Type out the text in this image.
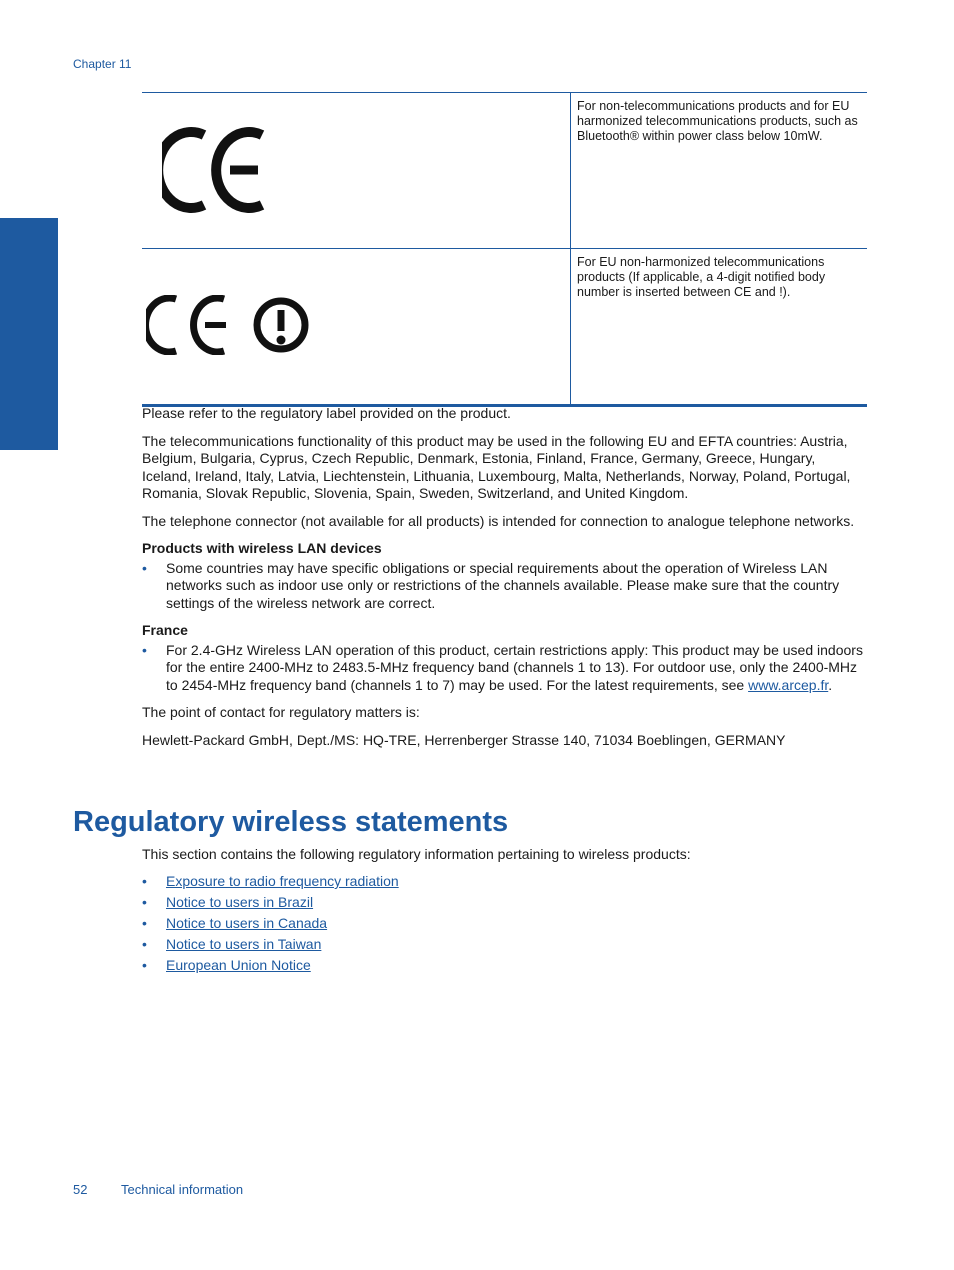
Chapter 11
Technical information
	For non-telecommunications products and for EU harmonized telecommunications products, such as Bluetooth® within power class below 10mW.

	For EU non-harmonized telecommunications products (If applicable, a 4-digit notified body number is inserted between CE and !).

Please refer to the regulatory label provided on the product.

The telecommunications functionality of this product may be used in the following EU and EFTA countries: Austria, Belgium, Bulgaria, Cyprus, Czech Republic, Denmark, Estonia, Finland, France, Germany, Greece, Hungary, Iceland, Ireland, Italy, Latvia, Liechtenstein, Lithuania, Luxembourg, Malta, Netherlands, Norway, Poland, Portugal, Romania, Slovak Republic, Slovenia, Spain, Sweden, Switzerland, and United Kingdom.

The telephone connector (not available for all products) is intended for connection to analogue telephone networks.

Products with wireless LAN devices
• Some countries may have specific obligations or special requirements about the operation of Wireless LAN networks such as indoor use only or restrictions of the channels available. Please make sure that the country settings of the wireless network are correct.
France
• For 2.4-GHz Wireless LAN operation of this product, certain restrictions apply: This product may be used indoors for the entire 2400-MHz to 2483.5-MHz frequency band (channels 1 to 13). For outdoor use, only the 2400-MHz to 2454-MHz frequency band (channels 1 to 7) may be used. For the latest requirements, see www.arcep.fr.

The point of contact for regulatory matters is:

Hewlett-Packard GmbH, Dept./MS: HQ-TRE, Herrenberger Strasse 140, 71034 Boeblingen, GERMANY

Regulatory wireless statements
This section contains the following regulatory information pertaining to wireless products:
• Exposure to radio frequency radiation
• Notice to users in Brazil
• Notice to users in Canada
• Notice to users in Taiwan
• European Union Notice
52	Technical information
